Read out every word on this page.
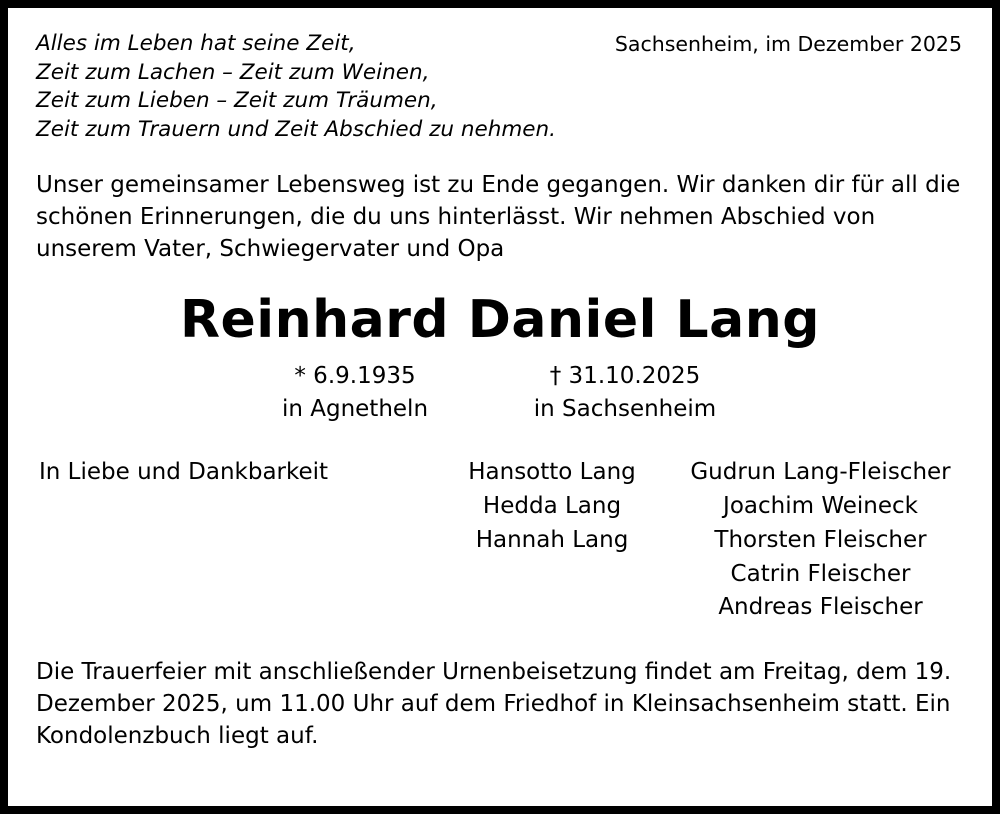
Alles im Leben hat seine Zeit,
Zeit zum Lachen – Zeit zum Weinen,
Zeit zum Lieben – Zeit zum Träumen,
Zeit zum Trauern und Zeit Abschied zu nehmen.
Sachsenheim, im Dezember 2025
Unser gemeinsamer Lebensweg ist zu Ende gegangen. Wir danken dir für all die schönen Erinnerungen, die du uns hinterlässt. Wir nehmen Abschied von unserem Vater, Schwiegervater und Opa
Reinhard Daniel Lang
* 6.9.1935
in Agnetheln
† 31.10.2025
in Sachsenheim
In Liebe und Dankbarkeit	Hansotto Lang
Hedda Lang
Hannah Lang
Gudrun Lang-Fleischer
Joachim Weineck
Thorsten Fleischer
Catrin Fleischer
Andreas Fleischer
Die Trauerfeier mit anschließender Urnenbeisetzung findet am Freitag, dem 19. Dezember 2025, um 11.00 Uhr auf dem Friedhof in Kleinsachsenheim statt. Ein Kondolenzbuch liegt auf.
